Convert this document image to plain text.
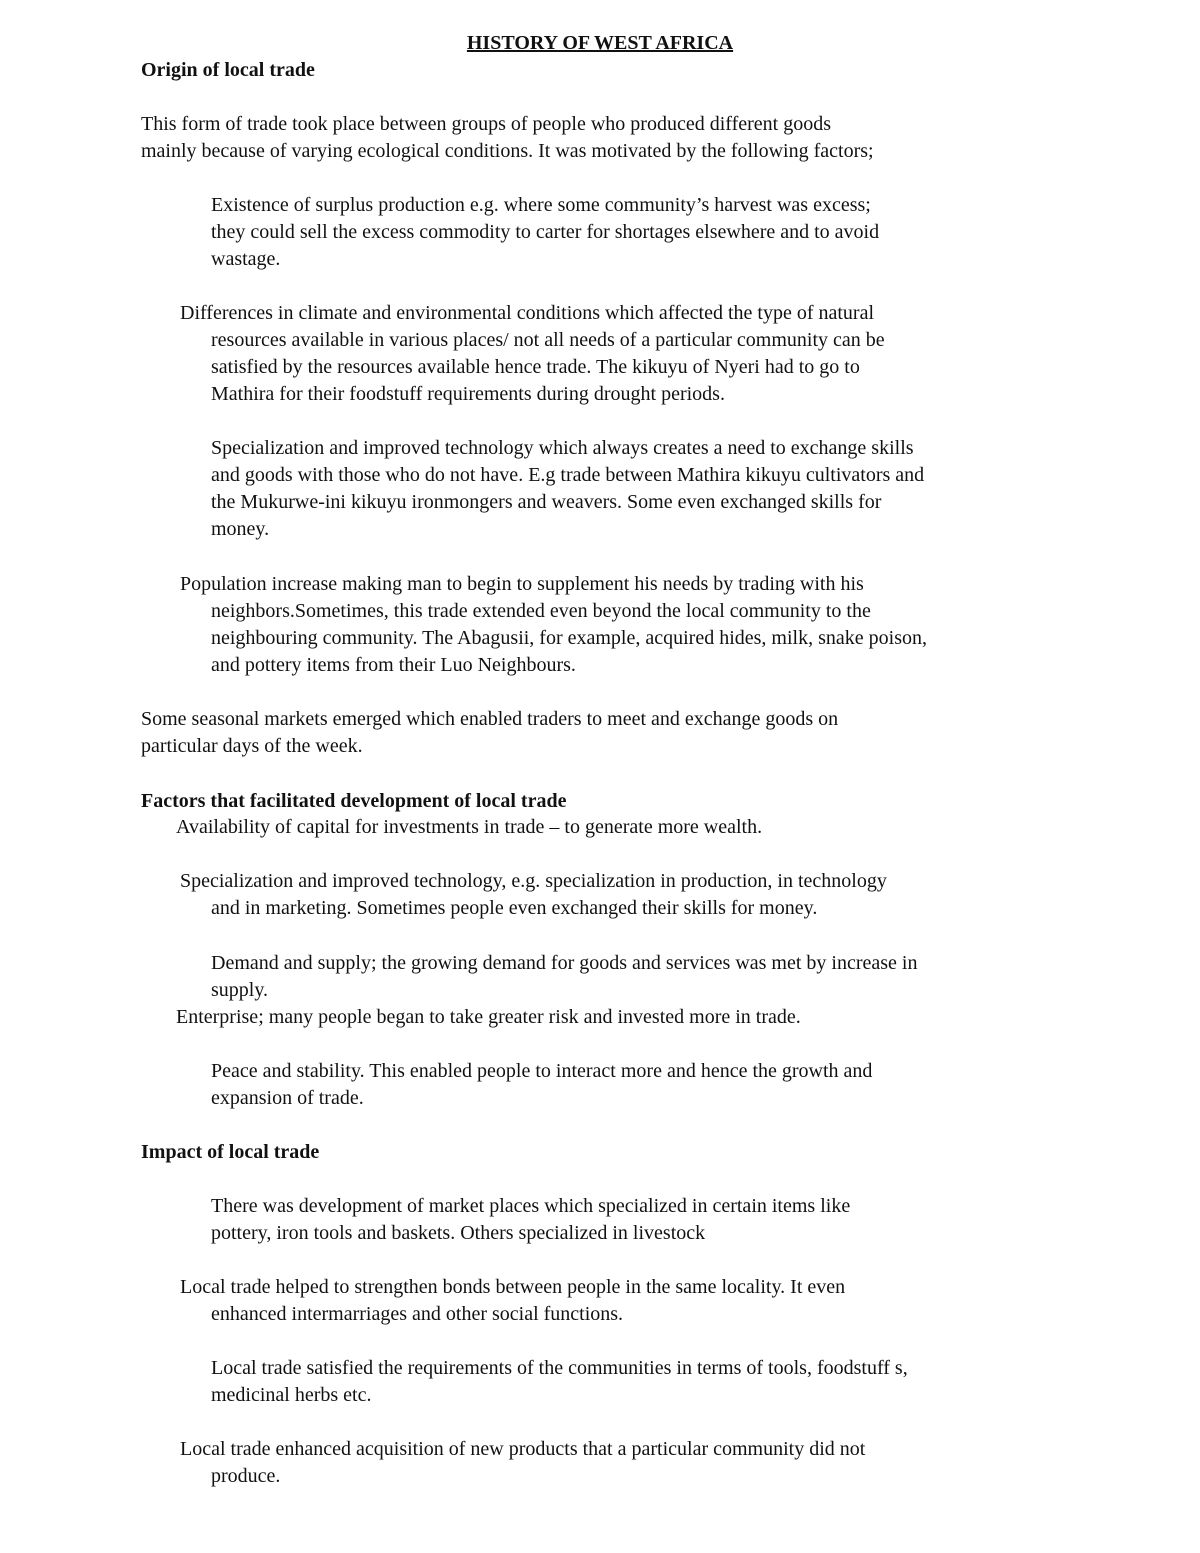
HISTORY OF WEST AFRICA
Origin of local trade

This form of trade took place between groups of people who produced different goods
mainly because of varying ecological conditions. It was motivated by the following factors;

Existence of surplus production e.g. where some community’s harvest was excess;
they could sell the excess commodity to carter for shortages elsewhere and to avoid
wastage.

Differences in climate and environmental conditions which affected the type of natural
resources available in various places/ not all needs of a particular community can be
satisfied by the resources available hence trade. The kikuyu of Nyeri had to go to
Mathira for their foodstuff requirements during drought periods.

Specialization and improved technology which always creates a need to exchange skills
and goods with those who do not have. E.g trade between Mathira kikuyu cultivators and
the Mukurwe-ini kikuyu ironmongers and weavers. Some even exchanged skills for
money.

Population increase making man to begin to supplement his needs by trading with his
neighbors.Sometimes, this trade extended even beyond the local community to the
neighbouring community. The Abagusii, for example, acquired hides, milk, snake poison,
and pottery items from their Luo Neighbours.

Some seasonal markets emerged which enabled traders to meet and exchange goods on
particular days of the week.

Factors that facilitated development of local trade

Availability of capital for investments in trade – to generate more wealth.

Specialization and improved technology, e.g. specialization in production, in technology
and in marketing. Sometimes people even exchanged their skills for money.

Demand and supply; the growing demand for goods and services was met by increase in
supply.

Enterprise; many people began to take greater risk and invested more in trade.

Peace and stability. This enabled people to interact more and hence the growth and
expansion of trade.

Impact of local trade

There was development of market places which specialized in certain items like
pottery, iron tools and baskets. Others specialized in livestock

Local trade helped to strengthen bonds between people in the same locality. It even
enhanced intermarriages and other social functions.

Local trade satisfied the requirements of the communities in terms of tools, foodstuff s,
medicinal herbs etc.

Local trade enhanced acquisition of new products that a particular community did not
produce.
